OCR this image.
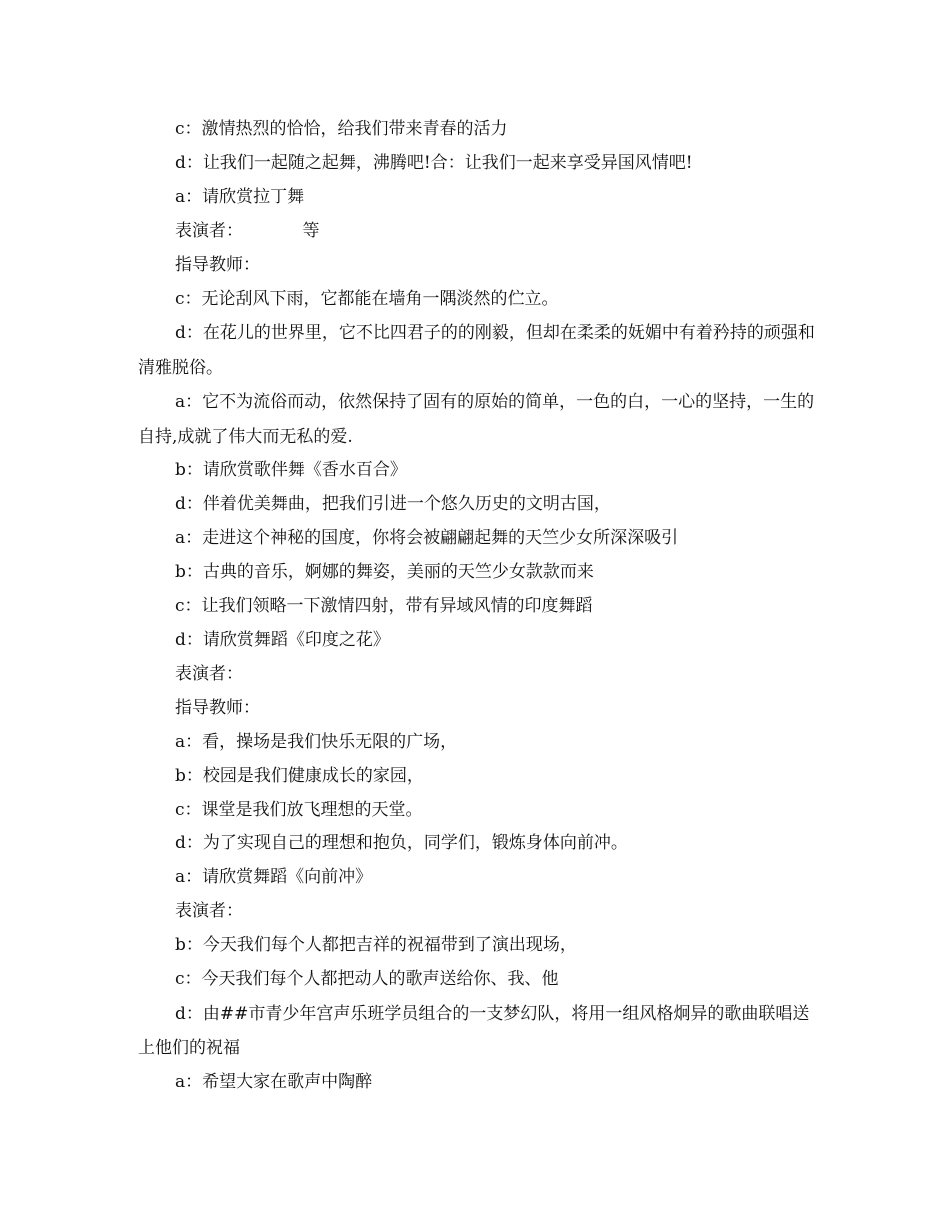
c：激情热烈的恰恰，给我们带来青春的活力

d：让我们一起随之起舞，沸腾吧!合：让我们一起来享受异国风情吧!

a：请欣赏拉丁舞

表演者：　　　　等

指导教师：

c：无论刮风下雨，它都能在墙角一隅淡然的伫立。

d：在花儿的世界里，它不比四君子的的刚毅，但却在柔柔的妩媚中有着矜持的顽强和清雅脱俗。

a：它不为流俗而动，依然保持了固有的原始的简单，一色的白，一心的坚持，一生的自持,成就了伟大而无私的爱.

b：请欣赏歌伴舞《香水百合》

d：伴着优美舞曲，把我们引进一个悠久历史的文明古国，

a：走进这个神秘的国度，你将会被翩翩起舞的天竺少女所深深吸引

b：古典的音乐，婀娜的舞姿，美丽的天竺少女款款而来

c：让我们领略一下激情四射，带有异域风情的印度舞蹈

d：请欣赏舞蹈《印度之花》

表演者：

指导教师：

a：看，操场是我们快乐无限的广场，

b：校园是我们健康成长的家园，

c：课堂是我们放飞理想的天堂。

d：为了实现自己的理想和抱负，同学们，锻炼身体向前冲。

a：请欣赏舞蹈《向前冲》

表演者：

b：今天我们每个人都把吉祥的祝福带到了演出现场，

c：今天我们每个人都把动人的歌声送给你、我、他

d：由##市青少年宫声乐班学员组合的一支梦幻队，将用一组风格炯异的歌曲联唱送上他们的祝福

a：希望大家在歌声中陶醉
